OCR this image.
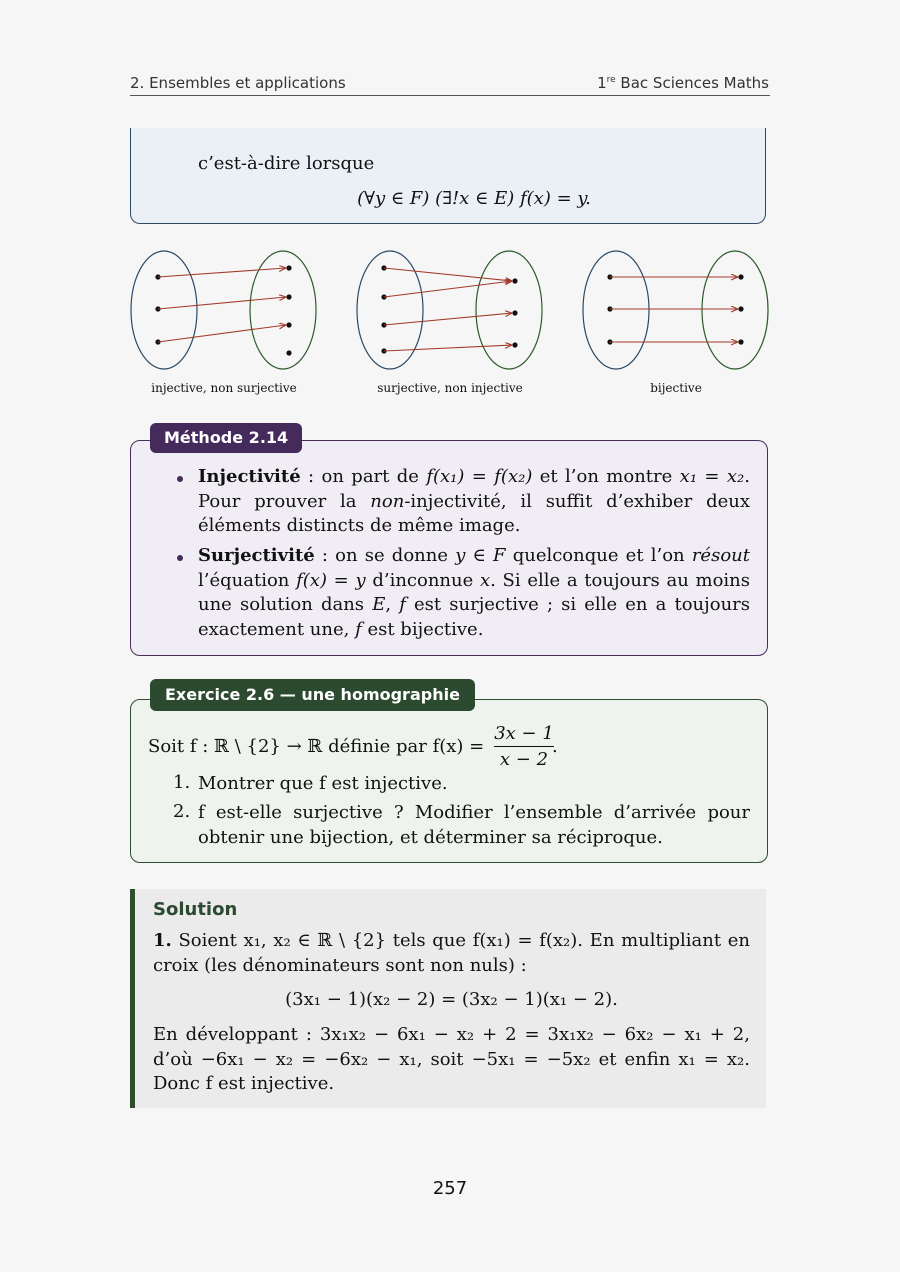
2. Ensembles et applications	1re Bac Sciences Maths
c’est-à-dire lorsque
(∀y ∈ F) (∃!x ∈ E) f(x) = y.
injective, non surjective	surjective, non injective	bijective
Méthode 2.14
Injectivité : on part de f(x₁) = f(x₂) et l’on montre x₁ = x₂. Pour prouver la non-injectivité, il suffit d’exhiber deux éléments distincts de même image.
Surjectivité : on se donne y ∈ F quelconque et l’on résout l’équation f(x) = y d’inconnue x. Si elle a toujours au moins une solution dans E, f est surjective ; si elle en a toujours exactement une, f est bijective.
Exercice 2.6 — une homographie
Soit f : ℝ \ {2} → ℝ définie par $f(x) = \frac{3x - 1}{x - 2}$
.
1. Montrer que f est injective.
2. f est-elle surjective ? Modifier l’ensemble d’arrivée pour obtenir une bijection, et déterminer sa réciproque.
Solution
1. Soient x₁, x₂ ∈ ℝ \ {2} tels que f(x₁) = f(x₂). En multipliant en croix (les dénominateurs sont non nuls) :
(3x₁ − 1)(x₂ − 2) = (3x₂ − 1)(x₁ − 2).
En développant : 3x₁x₂ − 6x₁ − x₂ + 2 = 3x₁x₂ − 6x₂ − x₁ + 2, d’où −6x₁ − x₂ = −6x₂ − x₁, soit −5x₁ = −5x₂ et enfin x₁ = x₂. Donc f est injective.
257
